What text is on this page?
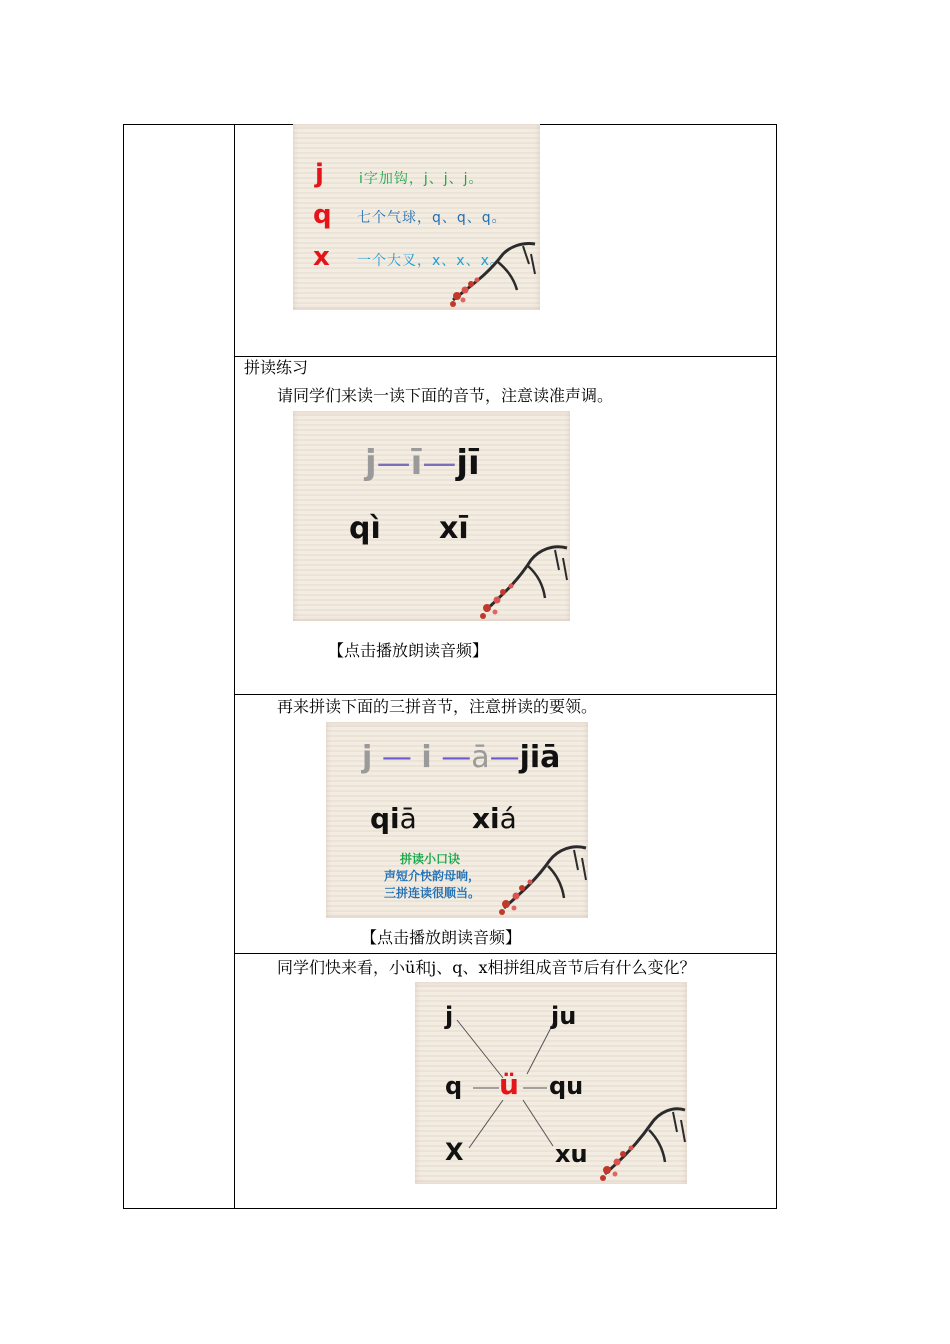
j	i字加钩，j、j、j。
q 七个气球，q、q、q。
x 一个大叉，x、x、x。
拼读练习
请同学们来读一读下面的音节，注意读准声调。
j—ī—jī
qì xī
【点击播放朗读音频】
再来拼读下面的三拼音节，注意拼读的要领。
j — i —ā—jiā
qiā xiá
拼读小口诀
声短介快韵母响，
三拼连读很顺当。
【点击播放朗读音频】
同学们快来看，小ü和j、q、x相拼组成音节后有什么变化？
j
q
X
ü
ju
qu
xu
